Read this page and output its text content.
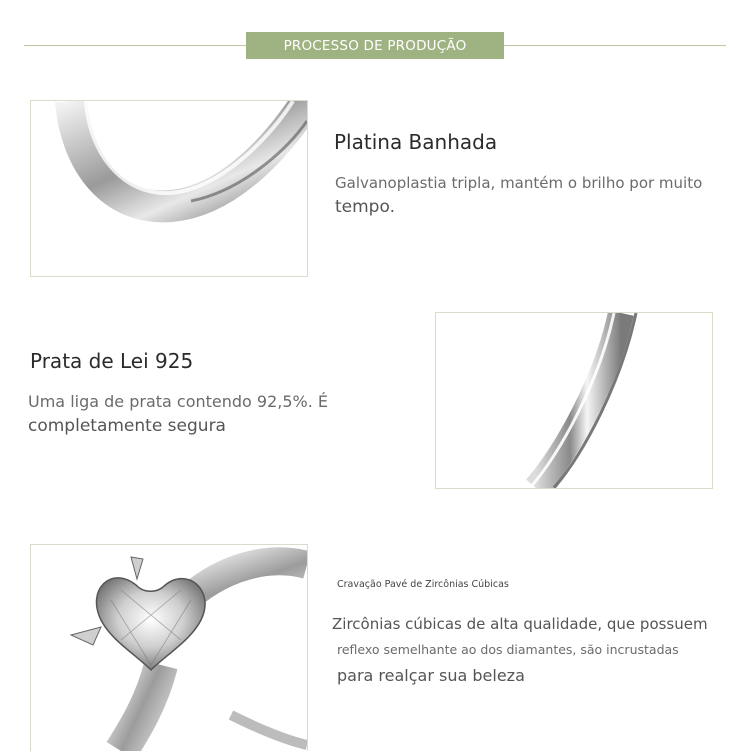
PROCESSO DE PRODUÇÃO
Platina Banhada
Galvanoplastia tripla, mantém o brilho por muito
tempo.
Prata de Lei 925
Uma liga de prata contendo 92,5%. É
completamente segura
Cravação Pavé de Zircônias Cúbicas
Zircônias cúbicas de alta qualidade, que possuem
reflexo semelhante ao dos diamantes, são incrustadas
para realçar sua beleza
